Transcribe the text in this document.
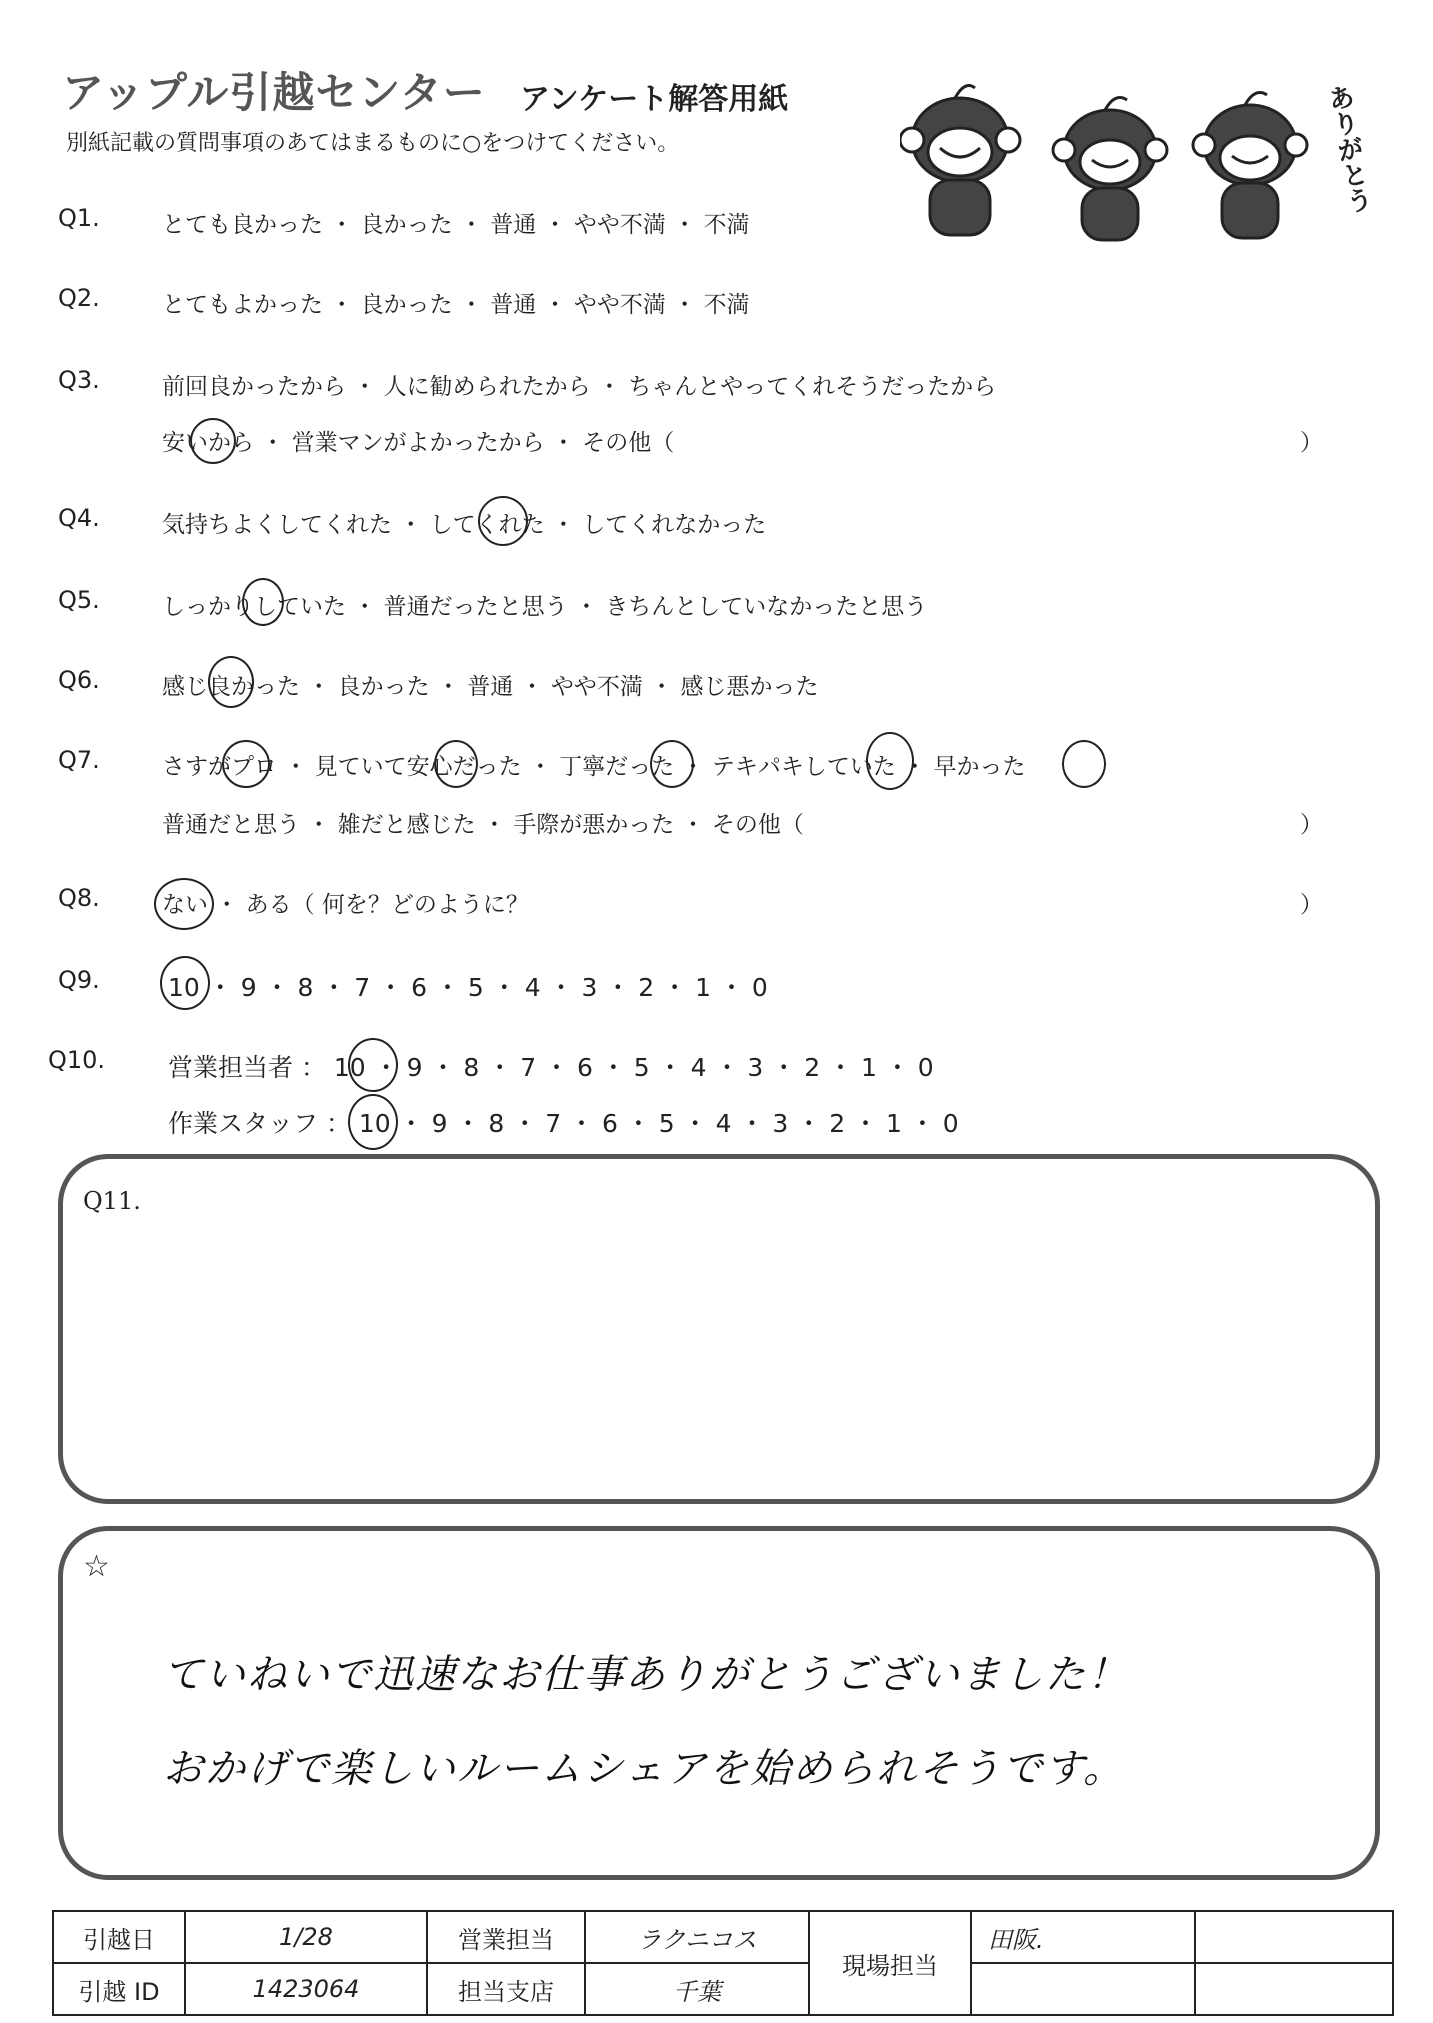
アップル引越センター アンケート解答用紙
別紙記載の質問事項のあてはまるものに○をつけてください。	ありがとう
Q1.	とても良かった ・ 良かった ・ 普通 ・ やや不満 ・ 不満
Q2.	とてもよかった ・ 良かった ・ 普通 ・ やや不満 ・ 不満
Q3.	前回良かったから ・ 人に勧められたから ・ ちゃんとやってくれそうだったから
安いから ・ 営業マンがよかったから ・ その他（	）
Q4.	気持ちよくしてくれた ・ してくれた ・ してくれなかった
Q5.	しっかりしていた ・ 普通だったと思う ・ きちんとしていなかったと思う
Q6.	感じ良かった ・ 良かった ・ 普通 ・ やや不満 ・ 感じ悪かった
Q7.	さすがプロ ・ 見ていて安心だった ・ 丁寧だった ・ テキパキしていた ・ 早かった
普通だと思う ・ 雑だと感じた ・ 手際が悪かった ・ その他（	）
Q8.	ない ・ ある（ 何を？どのように？	）
Q9.	10 ・ 9 ・ 8 ・ 7 ・ 6 ・ 5 ・ 4 ・ 3 ・ 2 ・ 1 ・ 0
Q10.	営業担当者 ： 10 ・ 9 ・ 8 ・ 7 ・ 6 ・ 5 ・ 4 ・ 3 ・ 2 ・ 1 ・ 0
作業スタッフ ： 10 ・ 9 ・ 8 ・ 7 ・ 6 ・ 5 ・ 4 ・ 3 ・ 2 ・ 1 ・ 0
Q11.
☆
ていねいで迅速なお仕事ありがとうございました！
おかげで楽しいルームシェアを始められそうです。
引越日	1/28	営業担当	ラクニコス	現場担当	田阪.	
引越 ID	1423064	担当支店	千葉			
